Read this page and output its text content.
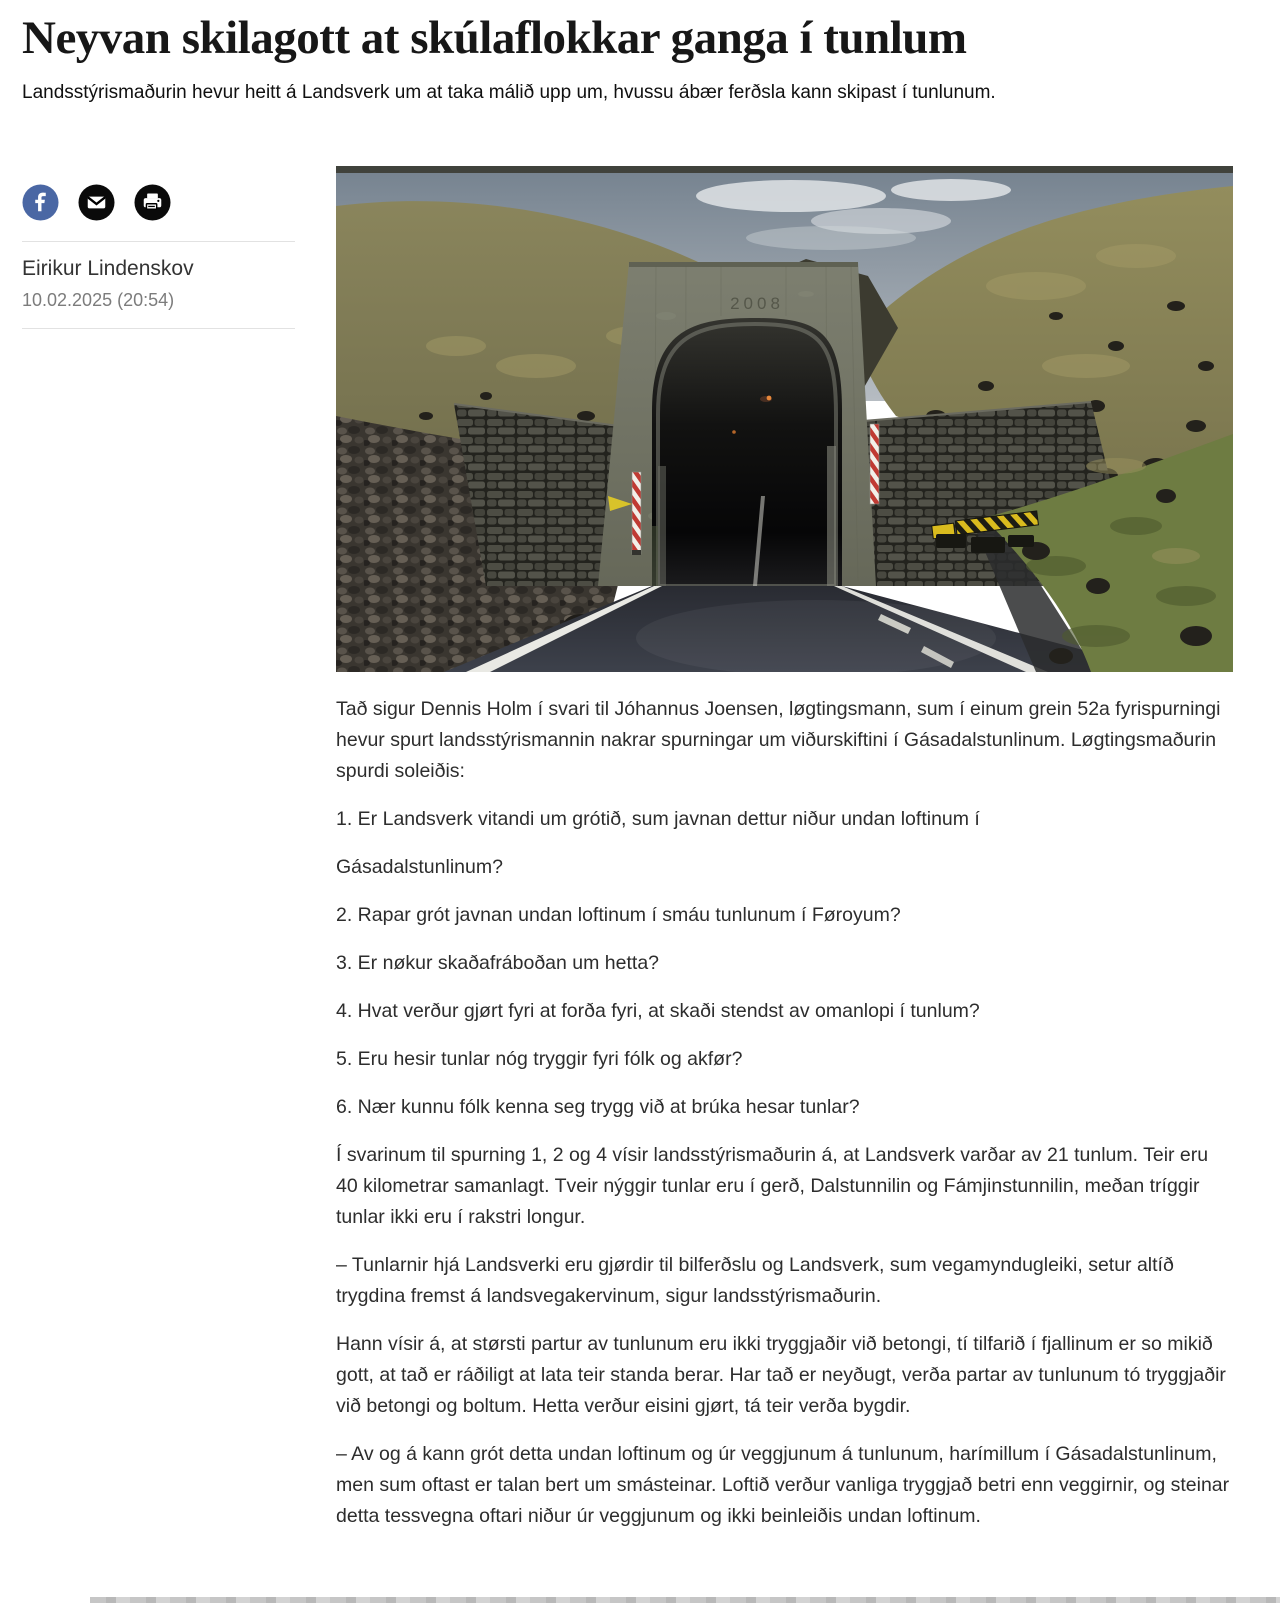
Neyvan skilagott at skúlaflokkar ganga í tunlum

Landsstýrismaðurin hevur heitt á Landsverk um at taka málið upp um, hvussu ábær ferðsla kann skipast í tunlunum.

Eirikur Lindenskov
10.02.2025 (20:54)	2008

Tað sigur Dennis Holm í svari til Jóhannus Joensen, løgtingsmann, sum í einum grein 52a fyrispurningi hevur spurt landsstýrismannin nakrar spurningar um viðurskiftini í Gásadalstunlinum. Løgtingsmaðurin spurdi soleiðis:

1. Er Landsverk vitandi um grótið, sum javnan dettur niður undan loftinum í

Gásadalstunlinum?

2. Rapar grót javnan undan loftinum í smáu tunlunum í Føroyum?

3. Er nøkur skaðafráboðan um hetta?

4. Hvat verður gjørt fyri at forða fyri, at skaði stendst av omanlopi í tunlum?

5. Eru hesir tunlar nóg tryggir fyri fólk og akfør?

6. Nær kunnu fólk kenna seg trygg við at brúka hesar tunlar?

Í svarinum til spurning 1, 2 og 4 vísir landsstýrismaðurin á, at Landsverk varðar av 21 tunlum. Teir eru 40 kilometrar samanlagt. Tveir nýggir tunlar eru í gerð, Dalstunnilin og Fámjinstunnilin, meðan tríggir tunlar ikki eru í rakstri longur.

– Tunlarnir hjá Landsverki eru gjørdir til bilferðslu og Landsverk, sum vegamyndugleiki, setur altíð trygdina fremst á landsvegakervinum, sigur landsstýrismaðurin.

Hann vísir á, at størsti partur av tunlunum eru ikki tryggjaðir við betongi, tí tilfarið í fjallinum er so mikið gott, at tað er ráðiligt at lata teir standa berar. Har tað er neyðugt, verða partar av tunlunum tó tryggjaðir við betongi og boltum. Hetta verður eisini gjørt, tá teir verða bygdir.

– Av og á kann grót detta undan loftinum og úr veggjunum á tunlunum, harímillum í Gásadalstunlinum, men sum oftast er talan bert um smásteinar. Loftið verður vanliga tryggjað betri enn veggirnir, og steinar detta tessvegna oftari niður úr veggjunum og ikki beinleiðis undan loftinum.
